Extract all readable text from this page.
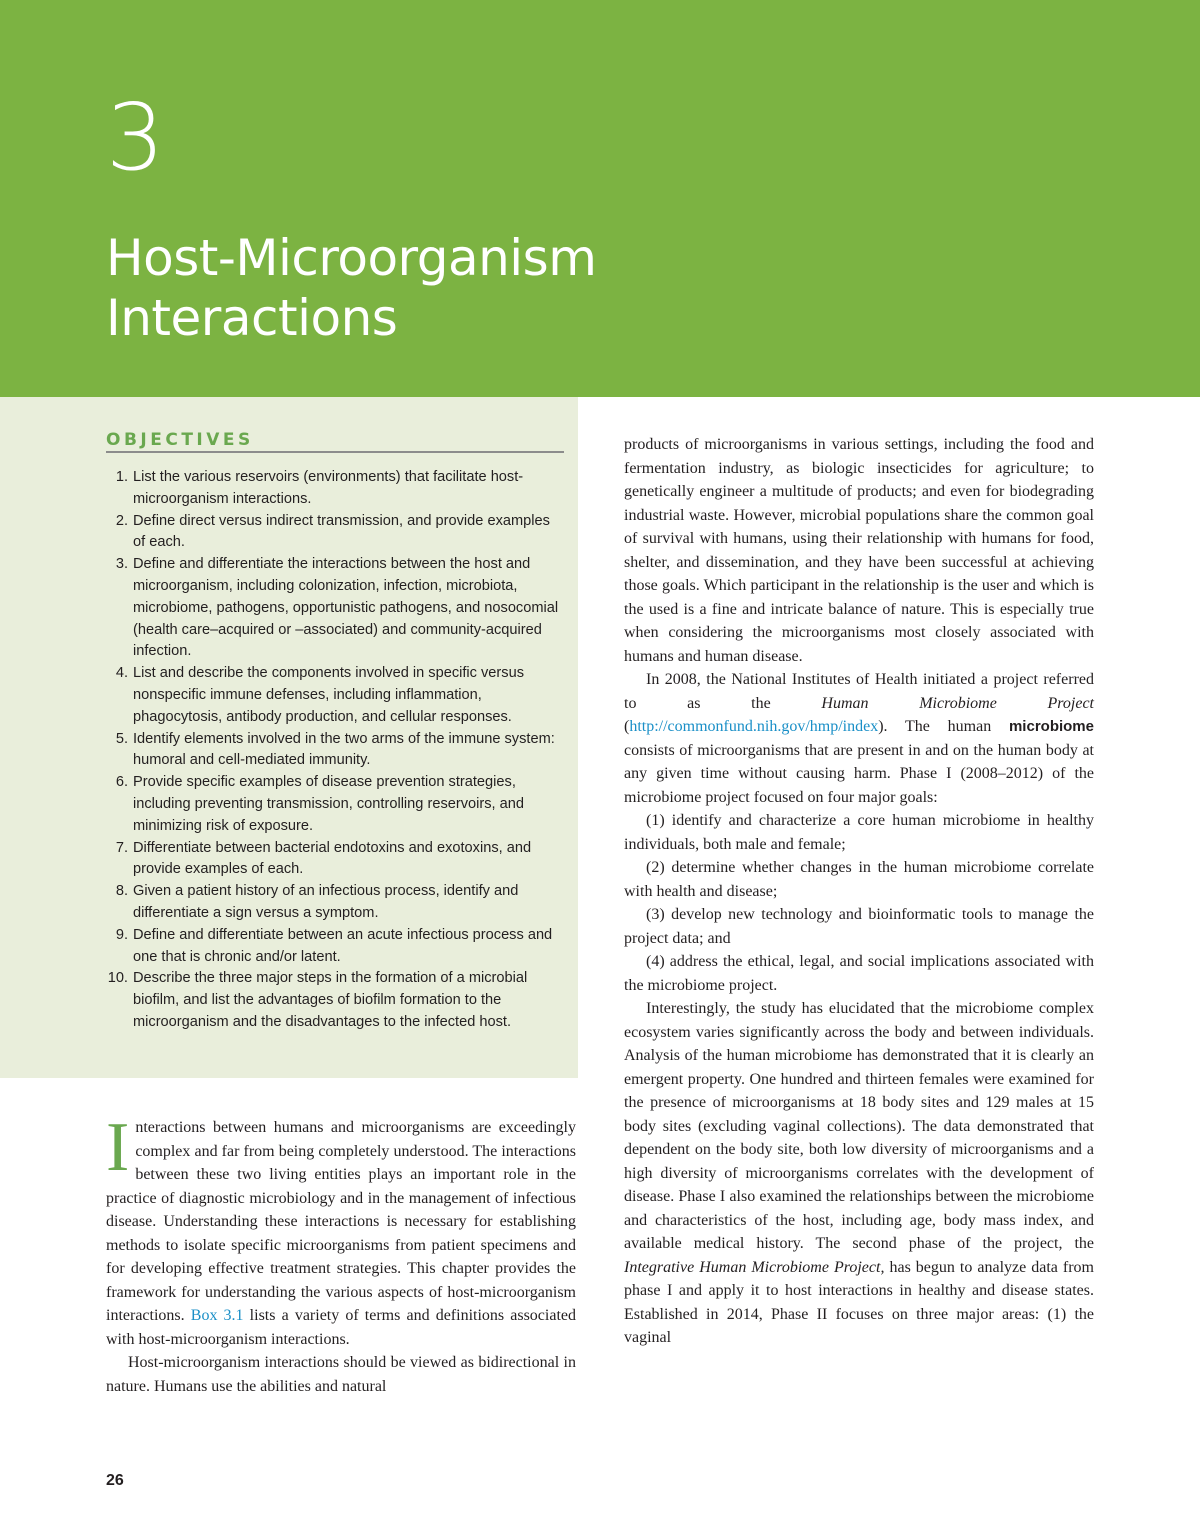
3
Host-Microorganism
Interactions
OBJECTIVES
1. List the various reservoirs (environments) that facilitate host-microorganism interactions.
2. Define direct versus indirect transmission, and provide examples of each.
3. Define and differentiate the interactions between the host and microorganism, including colonization, infection, microbiota, microbiome, pathogens, opportunistic pathogens, and nosocomial (health care–acquired or –associated) and community-acquired infection.
4. List and describe the components involved in specific versus nonspecific immune defenses, including inflammation, phagocytosis, antibody production, and cellular responses.
5. Identify elements involved in the two arms of the immune system: humoral and cell-mediated immunity.
6. Provide specific examples of disease prevention strategies, including preventing transmission, controlling reservoirs, and minimizing risk of exposure.
7. Differentiate between bacterial endotoxins and exotoxins, and provide examples of each.
8. Given a patient history of an infectious process, identify and differentiate a sign versus a symptom.
9. Define and differentiate between an acute infectious process and one that is chronic and/or latent.
10. Describe the three major steps in the formation of a microbial biofilm, and list the advantages of biofilm formation to the microorganism and the disadvantages to the infected host.

Interactions between humans and microorganisms are exceedingly complex and far from being completely understood. The interactions between these two living entities plays an important role in the practice of diagnostic microbiology and in the management of infectious disease. Understanding these interactions is necessary for establishing methods to isolate specific microorganisms from patient specimens and for developing effective treatment strategies. This chapter provides the framework for understanding the various aspects of host-microorganism interactions. Box 3.1 lists a variety of terms and definitions associated with host-microorganism interactions.

Host-microorganism interactions should be viewed as bidirectional in nature. Humans use the abilities and natural

products of microorganisms in various settings, including the food and fermentation industry, as biologic insecticides for agriculture; to genetically engineer a multitude of products; and even for biodegrading industrial waste. However, microbial populations share the common goal of survival with humans, using their relationship with humans for food, shelter, and dissemination, and they have been successful at achieving those goals. Which participant in the relationship is the user and which is the used is a fine and intricate balance of nature. This is especially true when considering the microorganisms most closely associated with humans and human disease.

In 2008, the National Institutes of Health initiated a project referred to as the Human Microbiome Project (http://commonfund.nih.gov/hmp/index). The human microbiome consists of microorganisms that are present in and on the human body at any given time without causing harm. Phase I (2008–2012) of the microbiome project focused on four major goals:

(1) identify and characterize a core human microbiome in healthy individuals, both male and female;

(2) determine whether changes in the human microbiome correlate with health and disease;

(3) develop new technology and bioinformatic tools to manage the project data; and

(4) address the ethical, legal, and social implications associated with the microbiome project.

Interestingly, the study has elucidated that the microbiome complex ecosystem varies significantly across the body and between individuals. Analysis of the human microbiome has demonstrated that it is clearly an emergent property. One hundred and thirteen females were examined for the presence of microorganisms at 18 body sites and 129 males at 15 body sites (excluding vaginal collections). The data demonstrated that dependent on the body site, both low diversity of microorganisms and a high diversity of microorganisms correlates with the development of disease. Phase I also examined the relationships between the microbiome and characteristics of the host, including age, body mass index, and available medical history. The second phase of the project, the Integrative Human Microbiome Project, has begun to analyze data from phase I and apply it to host interactions in healthy and disease states. Established in 2014, Phase II focuses on three major areas: (1) the vaginal

26
